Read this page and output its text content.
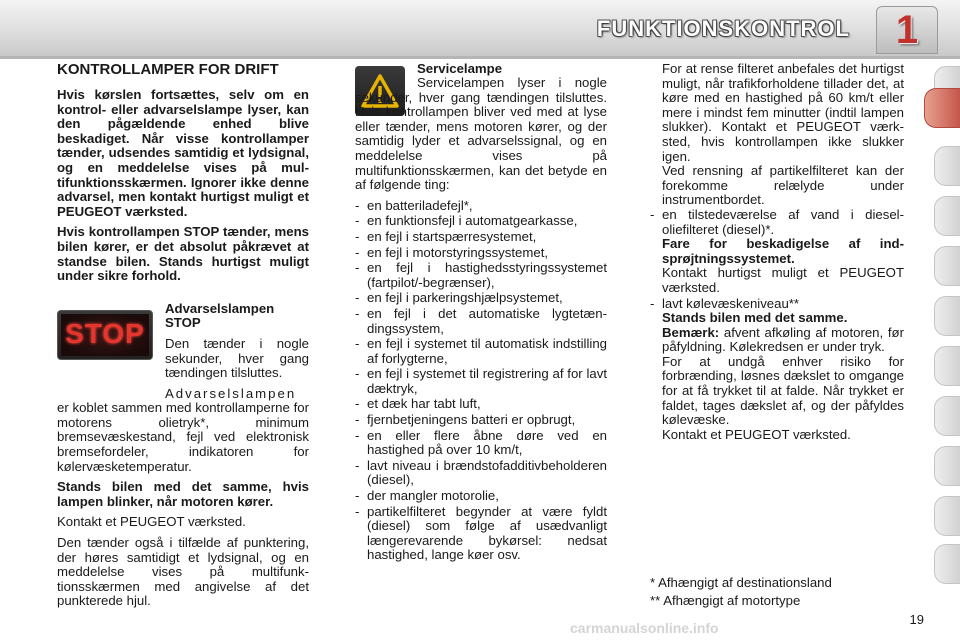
FUNKTIONSKONTROL 1
KONTROLLAMPER FOR DRIFT

Hvis kørslen fortsættes, selv om en kontrol- eller advarselslampe lyser, kan den pågældende enhed blive beskadiget. Når visse kontrollamper tænder, udsendes samtidig et lydsignal, og en meddelelse vises på multifunktionsskærmen. Ignorer ikke denne advarsel, men kontakt hurtigst muligt et PEUGEOT værksted.

Hvis kontrollampen STOP tænder, mens bilen kører, er det absolut påkrævet at standse bilen. Stands hurtigst muligt under sikre forhold.

STOP

Advarselslampen STOP

Den tænder i nogle sekunder, hver gang tændingen tilsluttes.

Advarselslampen

er koblet sammen med kontrollamperne for motorens olietryk*, minimum bremsevæskestand, fejl ved elektronisk bremsefordeler, indikatoren for kølervæsketemperatur.

Stands bilen med det samme, hvis lampen blinker, når motoren kører.

Kontakt et PEUGEOT værksted.

Den tænder også i tilfælde af punktering, der høres samtidigt et lydsignal, og en meddelelse vises på multifunktionsskærmen med angivelse af det punkterede hjul.

Servicelampe

Servicelampen lyser i nogle sekunder, hver gang tændingen tilsluttes. Hvis kontrollampen bliver ved med at lyse eller tænder, mens motoren kører, og der samtidig lyder et advarselssignal, og en meddelelse vises på multifunktionsskærmen, kan det betyde en af følgende ting:

- en batteriladefejl*,
- en funktionsfejl i automatgearkasse,
- en fejl i startspærresystemet,
- en fejl i motorstyringssystemet,
- en fejl i hastighedsstyringssystemet (fartpilot/-begrænser),
- en fejl i parkeringshjælpsystemet,
- en fejl i det automatiske lygtetændingssystem,
- en fejl i systemet til automatisk indstilling af forlygterne,
- en fejl i systemet til registrering af for lavt dæktryk,
- et dæk har tabt luft,
- fjernbetjeningens batteri er opbrugt,
- en eller flere åbne døre ved en hastighed på over 10 km/t,
- lavt niveau i brændstofadditivbeholderen (diesel),
- der mangler motorolie,
- partikelfilteret begynder at være fyldt (diesel) som følge af usædvanligt længerevarende bykørsel: nedsat hastighed, lange køer osv.

For at rense filteret anbefales det hurtigst muligt, når trafikforholdene tillader det, at køre med en hastighed på 60 km/t eller mere i mindst fem minutter (indtil lampen slukker). Kontakt et PEUGEOT værksted, hvis kontrollampen ikke slukker igen.

Ved rensning af partikelfilteret kan der forekomme relælyde under instrumentbordet.

- en tilstedeværelse af vand i dieseloliefilteret (diesel)*.
Fare for beskadigelse af indsprøjtningssystemet.
Kontakt hurtigst muligt et PEUGEOT værksted.
- lavt kølevæskeniveau**
Stands bilen med det samme.
Bemærk: afvent afkøling af motoren, før påfyldning. Kølekredsen er under tryk.
For at undgå enhver risiko for forbrænding, løsnes dækslet to omgange for at få trykket til at falde. Når trykket er faldet, tages dækslet af, og der påfyldes kølevæske.
Kontakt et PEUGEOT værksted.
* Afhængigt af destinationsland
** Afhængigt af motortype
carmanualsonline.info
19
